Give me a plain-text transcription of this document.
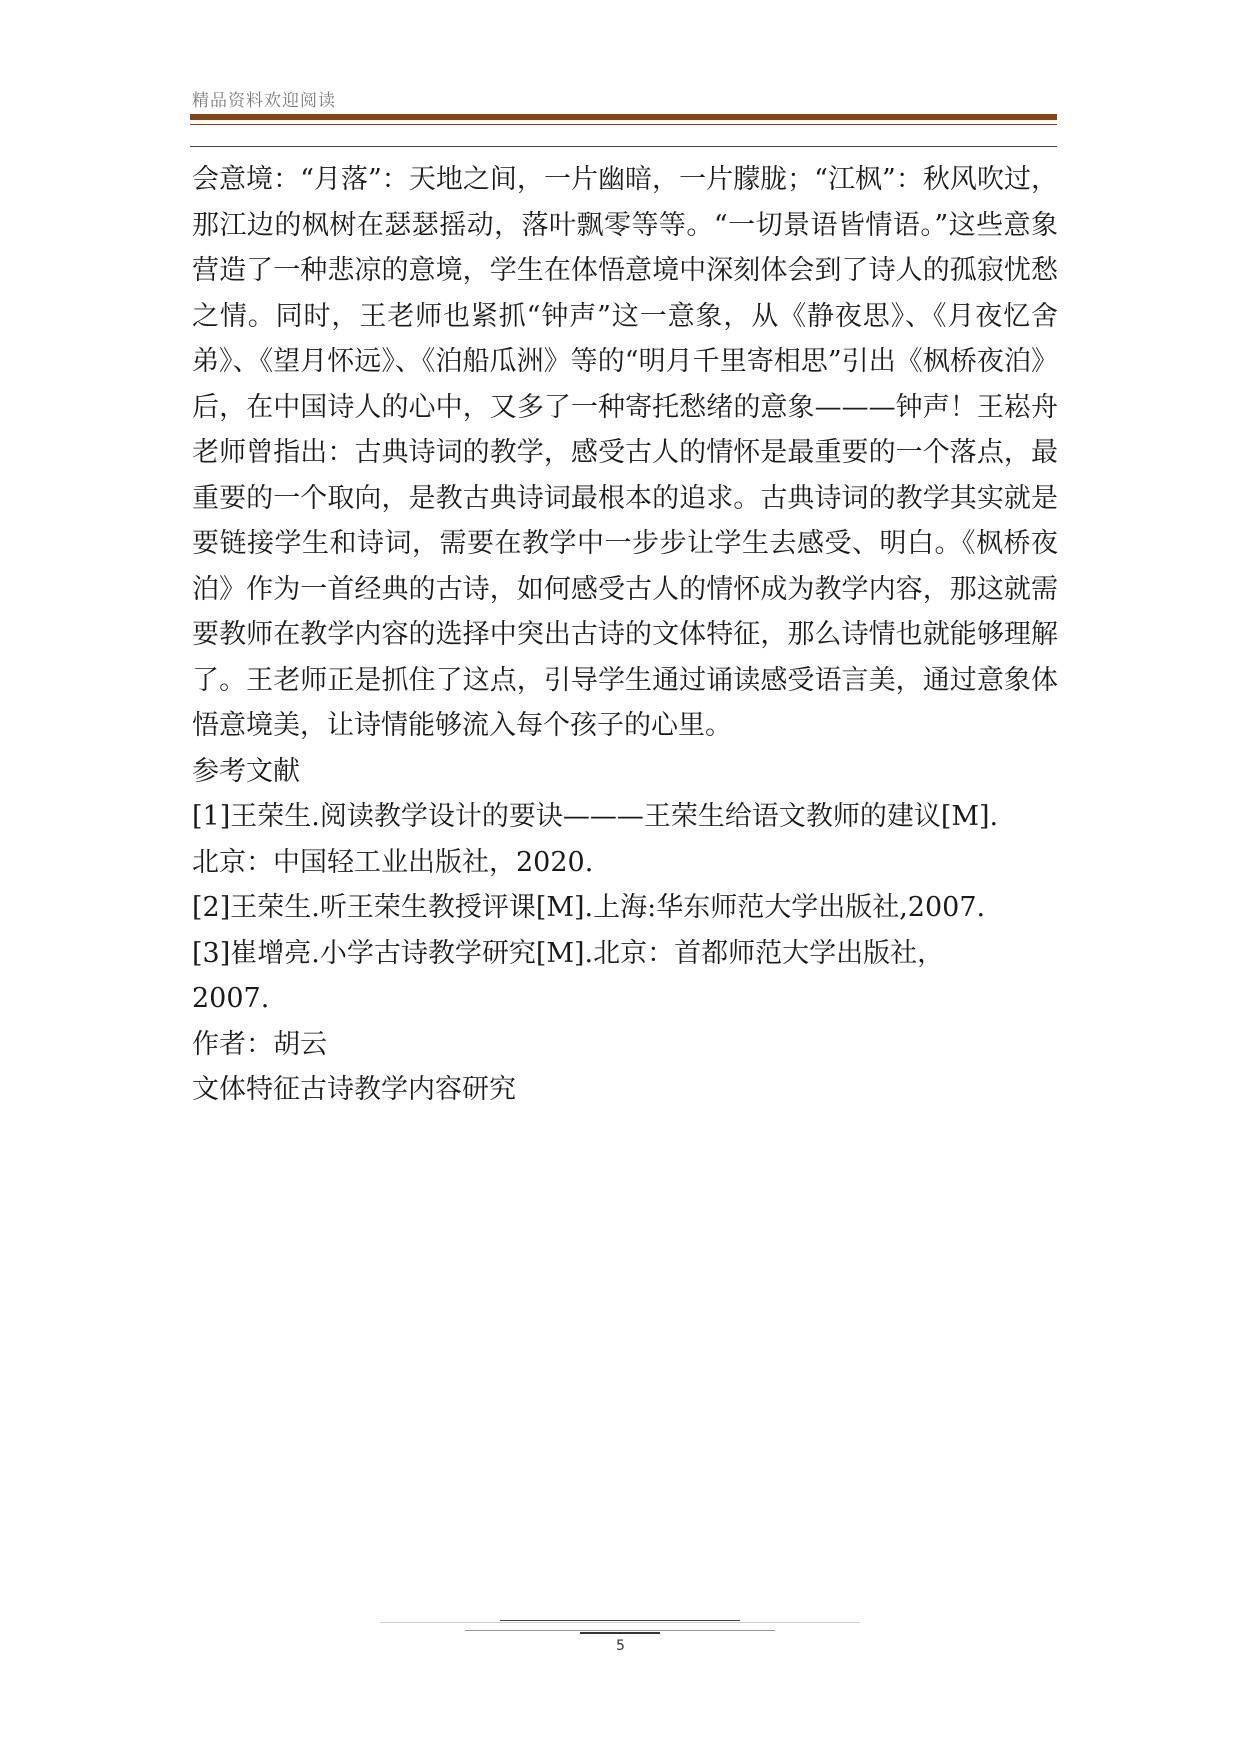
精品资料欢迎阅读

会意境：“月落”：天地之间，一片幽暗，一片朦胧；“江枫”：秋风吹过，那江边的枫树在瑟瑟摇动，落叶飘零等等。“一切景语皆情语。”这些意象营造了一种悲凉的意境，学生在体悟意境中深刻体会到了诗人的孤寂忧愁之情。同时，王老师也紧抓“钟声”这一意象，从《静夜思》、《月夜忆舍弟》、《望月怀远》、《泊船瓜洲》等的“明月千里寄相思”引出《枫桥夜泊》后，在中国诗人的心中，又多了一种寄托愁绪的意象———钟声！王崧舟老师曾指出：古典诗词的教学，感受古人的情怀是最重要的一个落点，最重要的一个取向，是教古典诗词最根本的追求。古典诗词的教学其实就是要链接学生和诗词，需要在教学中一步步让学生去感受、明白。《枫桥夜泊》作为一首经典的古诗，如何感受古人的情怀成为教学内容，那这就需要教师在教学内容的选择中突出古诗的文体特征，那么诗情也就能够理解了。王老师正是抓住了这点，引导学生通过诵读感受语言美，通过意象体悟意境美，让诗情能够流入每个孩子的心里。

参考文献

[1]王荣生.阅读教学设计的要诀———王荣生给语文教师的建议[M].

北京：中国轻工业出版社，2020.

[2]王荣生.听王荣生教授评课[M].上海:华东师范大学出版社,2007.

[3]崔增亮.小学古诗教学研究[M].北京：首都师范大学出版社，

2007.

作者：胡云

文体特征古诗教学内容研究

5
